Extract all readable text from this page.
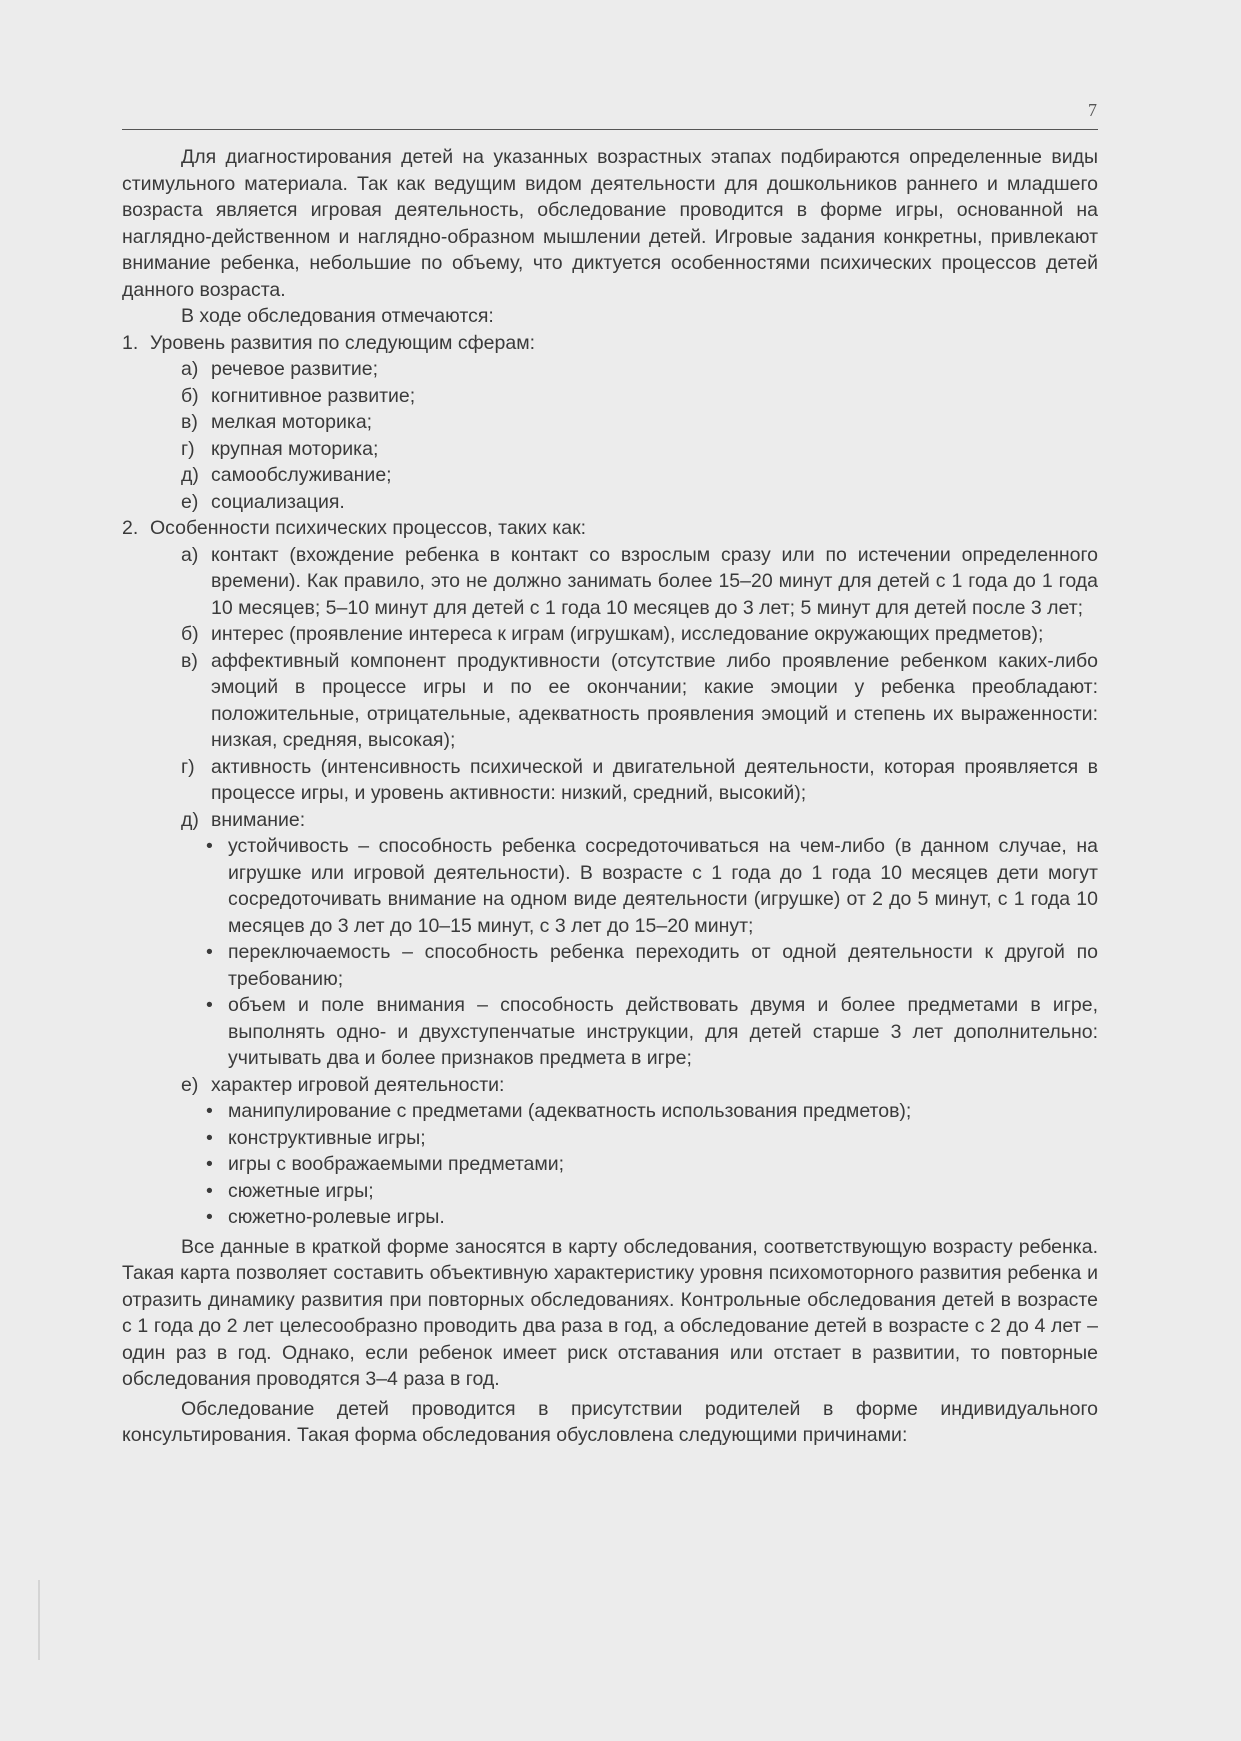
7

Для диагностирования детей на указанных возрастных этапах подбираются определенные виды стимульного материала. Так как ведущим видом деятельности для дошкольников раннего и младшего возраста является игровая деятельность, обследование проводится в форме игры, основанной на наглядно-действенном и наглядно-образном мышлении детей. Игровые задания конкретны, привлекают внимание ребенка, небольшие по объему, что диктуется особенностями психических процессов детей данного возраста.

В ходе обследования отмечаются:

1. Уровень развития по следующим сферам:
а) речевое развитие;
б) когнитивное развитие;
в) мелкая моторика;
г) крупная моторика;
д) самообслуживание;
е) социализация.
2. Особенности психических процессов, таких как:
а) контакт (вхождение ребенка в контакт со взрослым сразу или по истечении определенного времени). Как правило, это не должно занимать более 15–20 минут для детей с 1 года до 1 года 10 месяцев; 5–10 минут для детей с 1 года 10 месяцев до 3 лет; 5 минут для детей после 3 лет;
б) интерес (проявление интереса к играм (игрушкам), исследование окружающих предметов);
в) аффективный компонент продуктивности (отсутствие либо проявление ребенком каких-либо эмоций в процессе игры и по ее окончании; какие эмоции у ребенка преобладают: положительные, отрицательные, адекватность проявления эмоций и степень их выраженности: низкая, средняя, высокая);
г) активность (интенсивность психической и двигательной деятельности, которая проявляется в процессе игры, и уровень активности: низкий, средний, высокий);
д) внимание:
• устойчивость – способность ребенка сосредоточиваться на чем-либо (в данном случае, на игрушке или игровой деятельности). В возрасте с 1 года до 1 года 10 месяцев дети могут сосредоточивать внимание на одном виде деятельности (игрушке) от 2 до 5 минут, с 1 года 10 месяцев до 3 лет до 10–15 минут, с 3 лет до 15–20 минут;
• переключаемость – способность ребенка переходить от одной деятельности к другой по требованию;
• объем и поле внимания – способность действовать двумя и более предметами в игре, выполнять одно- и двухступенчатые инструкции, для детей старше 3 лет дополнительно: учитывать два и более признаков предмета в игре;
е) характер игровой деятельности:
• манипулирование с предметами (адекватность использования предметов);
• конструктивные игры;
• игры с воображаемыми предметами;
• сюжетные игры;
• сюжетно-ролевые игры.

Все данные в краткой форме заносятся в карту обследования, соответствующую возрасту ребенка. Такая карта позволяет составить объективную характеристику уровня психомоторного развития ребенка и отразить динамику развития при повторных обследованиях. Контрольные обследования детей в возрасте с 1 года до 2 лет целесообразно проводить два раза в год, а обследование детей в возрасте с 2 до 4 лет – один раз в год. Однако, если ребенок имеет риск отставания или отстает в развитии, то повторные обследования проводятся 3–4 раза в год.

Обследование детей проводится в присутствии родителей в форме индивидуального консультирования. Такая форма обследования обусловлена следующими причинами:
